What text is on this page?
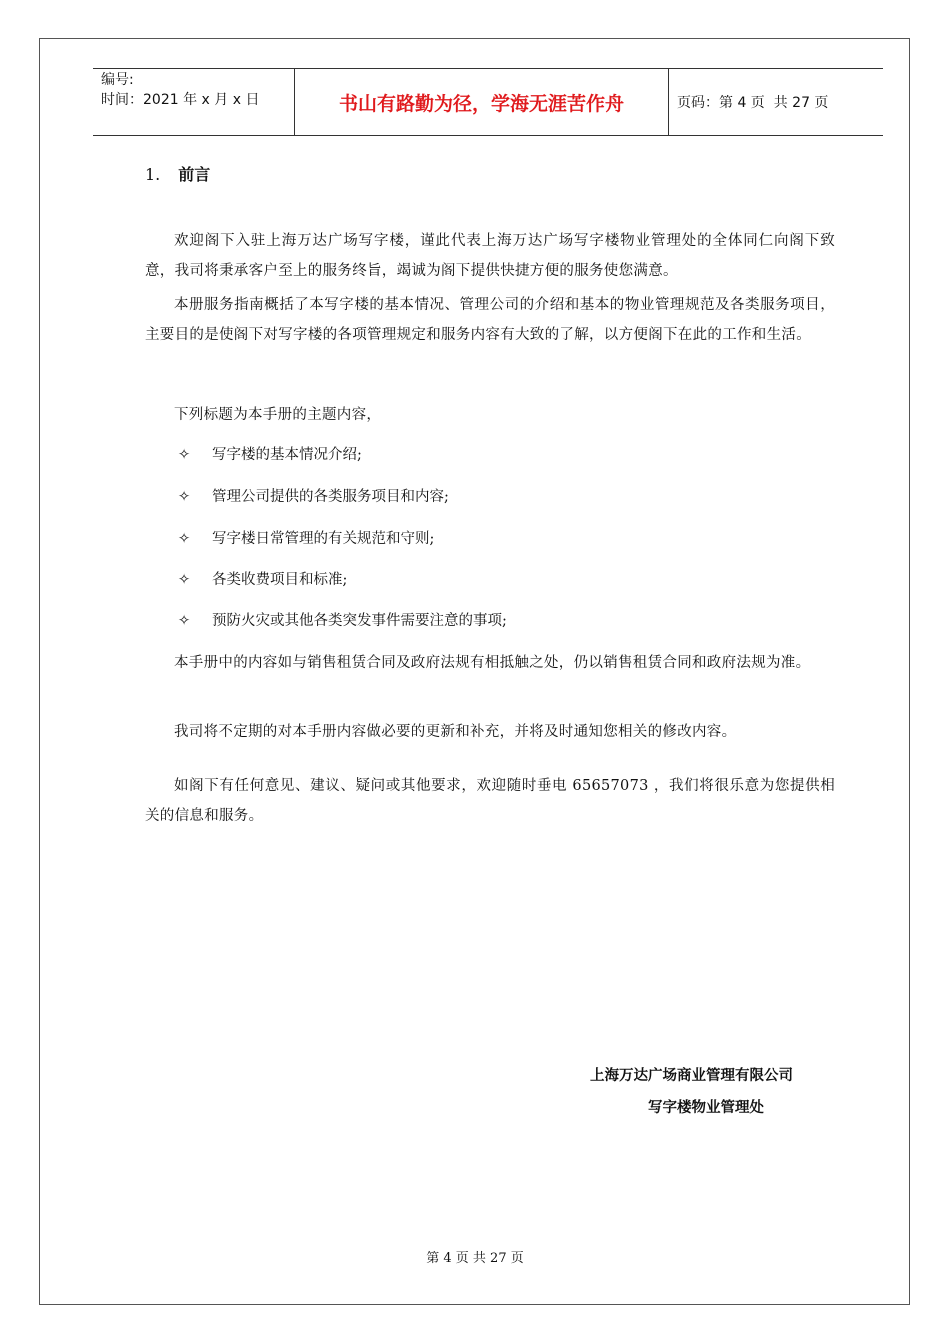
编号:
时间：2021 年 x 月 x 日	书山有路勤为径，学海无涯苦作舟	页码：第 4 页  共 27 页
1. 前言

欢迎阁下入驻上海万达广场写字楼，谨此代表上海万达广场写字楼物业管理处的全体同仁向阁下致意，我司将秉承客户至上的服务终旨，竭诚为阁下提供快捷方便的服务使您满意。

本册服务指南概括了本写字楼的基本情况、管理公司的介绍和基本的物业管理规范及各类服务项目，主要目的是使阁下对写字楼的各项管理规定和服务内容有大致的了解，以方便阁下在此的工作和生活。

下列标题为本手册的主题内容，

✧ 写字楼的基本情况介绍;

✧ 管理公司提供的各类服务项目和内容;

✧ 写字楼日常管理的有关规范和守则;

✧ 各类收费项目和标准;

✧ 预防火灾或其他各类突发事件需要注意的事项;

本手册中的内容如与销售租赁合同及政府法规有相抵触之处，仍以销售租赁合同和政府法规为准。

我司将不定期的对本手册内容做必要的更新和补充，并将及时通知您相关的修改内容。

如阁下有任何意见、建议、疑问或其他要求，欢迎随时垂电 65657073 ，我们将很乐意为您提供相关的信息和服务。

上海万达广场商业管理有限公司
写字楼物业管理处
第 4 页 共 27 页
